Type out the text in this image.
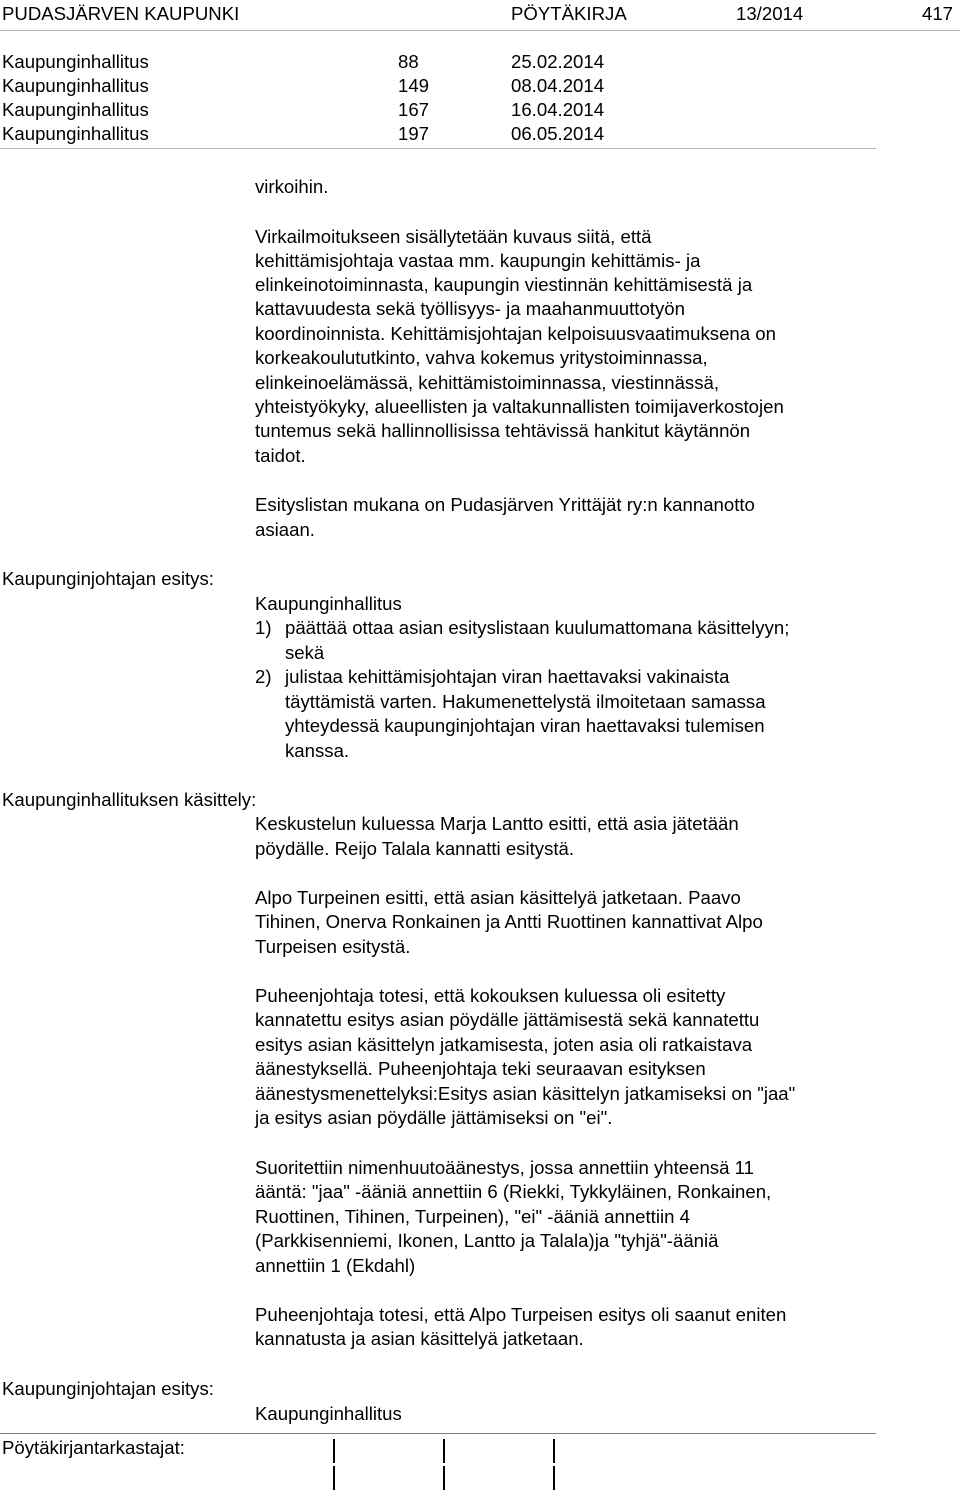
PUDASJÄRVEN KAUPUNKI	PÖYTÄKIRJA	13/2014	417
Kaupunginhallitus	88	25.02.2014
Kaupunginhallitus	149	08.04.2014
Kaupunginhallitus	167	16.04.2014
Kaupunginhallitus	197	06.05.2014
virkoihin.
Virkailmoitukseen sisällytetään kuvaus siitä, että
kehittämisjohtaja vastaa mm. kaupungin kehittämis- ja
elinkeinotoiminnasta, kaupungin viestinnän kehittämisestä ja
kattavuudesta sekä työllisyys- ja maahanmuuttotyön
koordinoinnista. Kehittämisjohtajan kelpoisuusvaatimuksena on
korkeakoulututkinto, vahva kokemus yritystoiminnassa,
elinkeinoelämässä, kehittämistoiminnassa, viestinnässä,
yhteistyökyky, alueellisten ja valtakunnallisten toimijaverkostojen
tuntemus sekä hallinnollisissa tehtävissä hankitut käytännön
taidot.
Esityslistan mukana on Pudasjärven Yrittäjät ry:n kannanotto
asiaan.
Kaupunginjohtajan esitys:
Kaupunginhallitus
1) päättää ottaa asian esityslistaan kuulumattomana käsittelyyn;
sekä
2) julistaa kehittämisjohtajan viran haettavaksi vakinaista
täyttämistä varten. Hakumenettelystä ilmoitetaan samassa
yhteydessä kaupunginjohtajan viran haettavaksi tulemisen
kanssa.
Kaupunginhallituksen käsittely:
Keskustelun kuluessa Marja Lantto esitti, että asia jätetään
pöydälle. Reijo Talala kannatti esitystä.
Alpo Turpeinen esitti, että asian käsittelyä jatketaan. Paavo
Tihinen, Onerva Ronkainen ja Antti Ruottinen kannattivat Alpo
Turpeisen esitystä.
Puheenjohtaja totesi, että kokouksen kuluessa oli esitetty
kannatettu esitys asian pöydälle jättämisestä sekä kannatettu
esitys asian käsittelyn jatkamisesta, joten asia oli ratkaistava
äänestyksellä. Puheenjohtaja teki seuraavan esityksen
äänestysmenettelyksi:Esitys asian käsittelyn jatkamiseksi on "jaa"
ja esitys asian pöydälle jättämiseksi on "ei".
Suoritettiin nimenhuutoäänestys, jossa annettiin yhteensä 11
ääntä: "jaa" -ääniä annettiin 6 (Riekki, Tykkyläinen, Ronkainen,
Ruottinen, Tihinen, Turpeinen), "ei" -ääniä annettiin 4
(Parkkisenniemi, Ikonen, Lantto ja Talala)ja "tyhjä"-ääniä
annettiin 1 (Ekdahl)
Puheenjohtaja totesi, että Alpo Turpeisen esitys oli saanut eniten
kannatusta ja asian käsittelyä jatketaan.
Kaupunginjohtajan esitys:
Kaupunginhallitus
Pöytäkirjantarkastajat:
